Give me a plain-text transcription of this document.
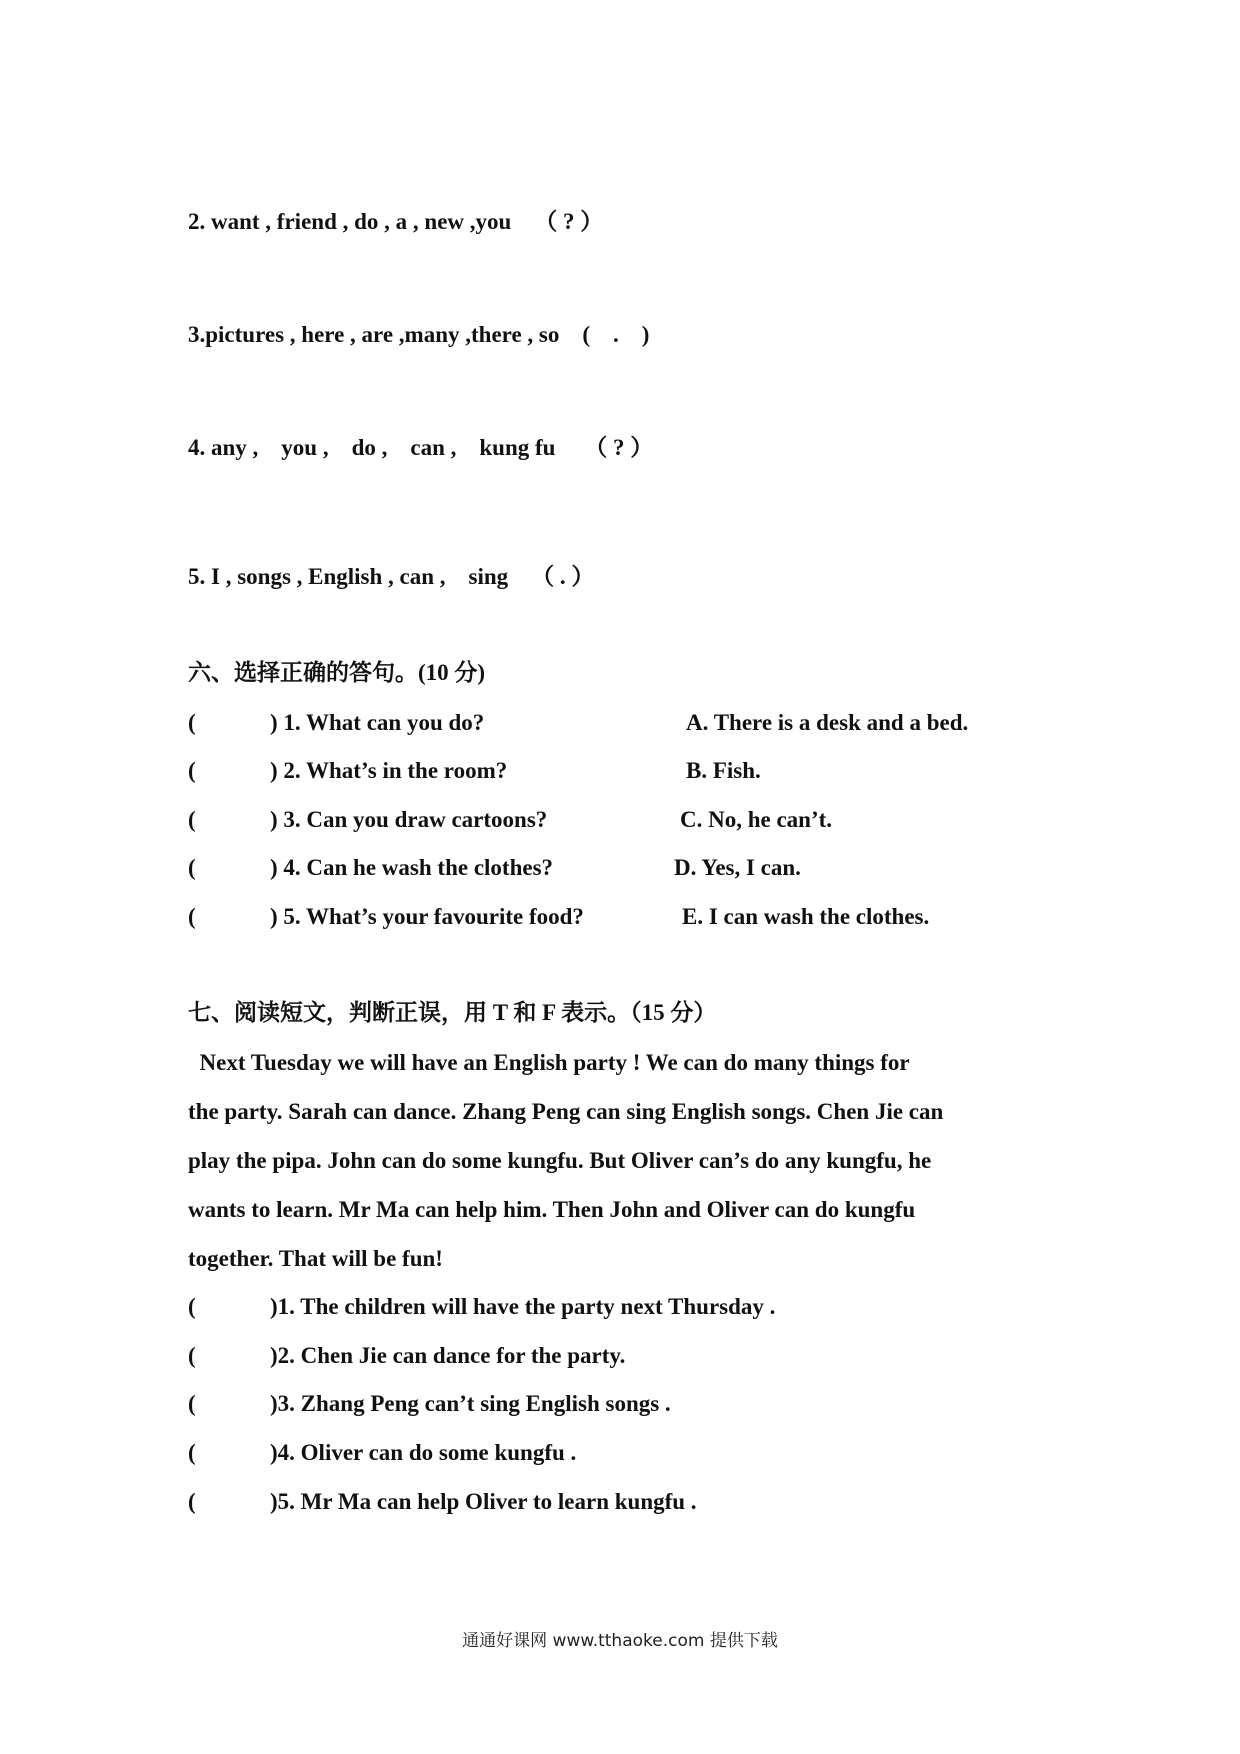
2. want , friend , do , a , new ,you    （ ? ）
3.pictures , here , are ,many ,there , so    (    .    )
4. any ,    you ,    do ,    can ,    kung fu     （ ? ）
5. I , songs , English , can ,    sing    （ . ）
六、选择正确的答句。(10 分)
(	) 1. What can you do?	A. There is a desk and a bed.
(	) 2. What’s in the room?	B. Fish.
(	) 3. Can you draw cartoons?	C. No, he can’t.
(	) 4. Can he wash the clothes?	D. Yes, I can.
(	) 5. What’s your favourite food?	E. I can wash the clothes.
七、阅读短文，判断正误，用 T 和 F 表示。（15 分）

Next Tuesday we will have an English party ! We can do many things for

the party. Sarah can dance. Zhang Peng can sing English songs. Chen Jie can

play the pipa. John can do some kungfu. But Oliver can’s do any kungfu, he

wants to learn. Mr Ma can help him. Then John and Oliver can do kungfu

together. That will be fun!

(	)1. The children will have the party next Thursday .
(	)2. Chen Jie can dance for the party.
(	)3. Zhang Peng can’t sing English songs .
(	)4. Oliver can do some kungfu .
(	)5. Mr Ma can help Oliver to learn kungfu .
通通好课网 www.tthaoke.com 提供下载
